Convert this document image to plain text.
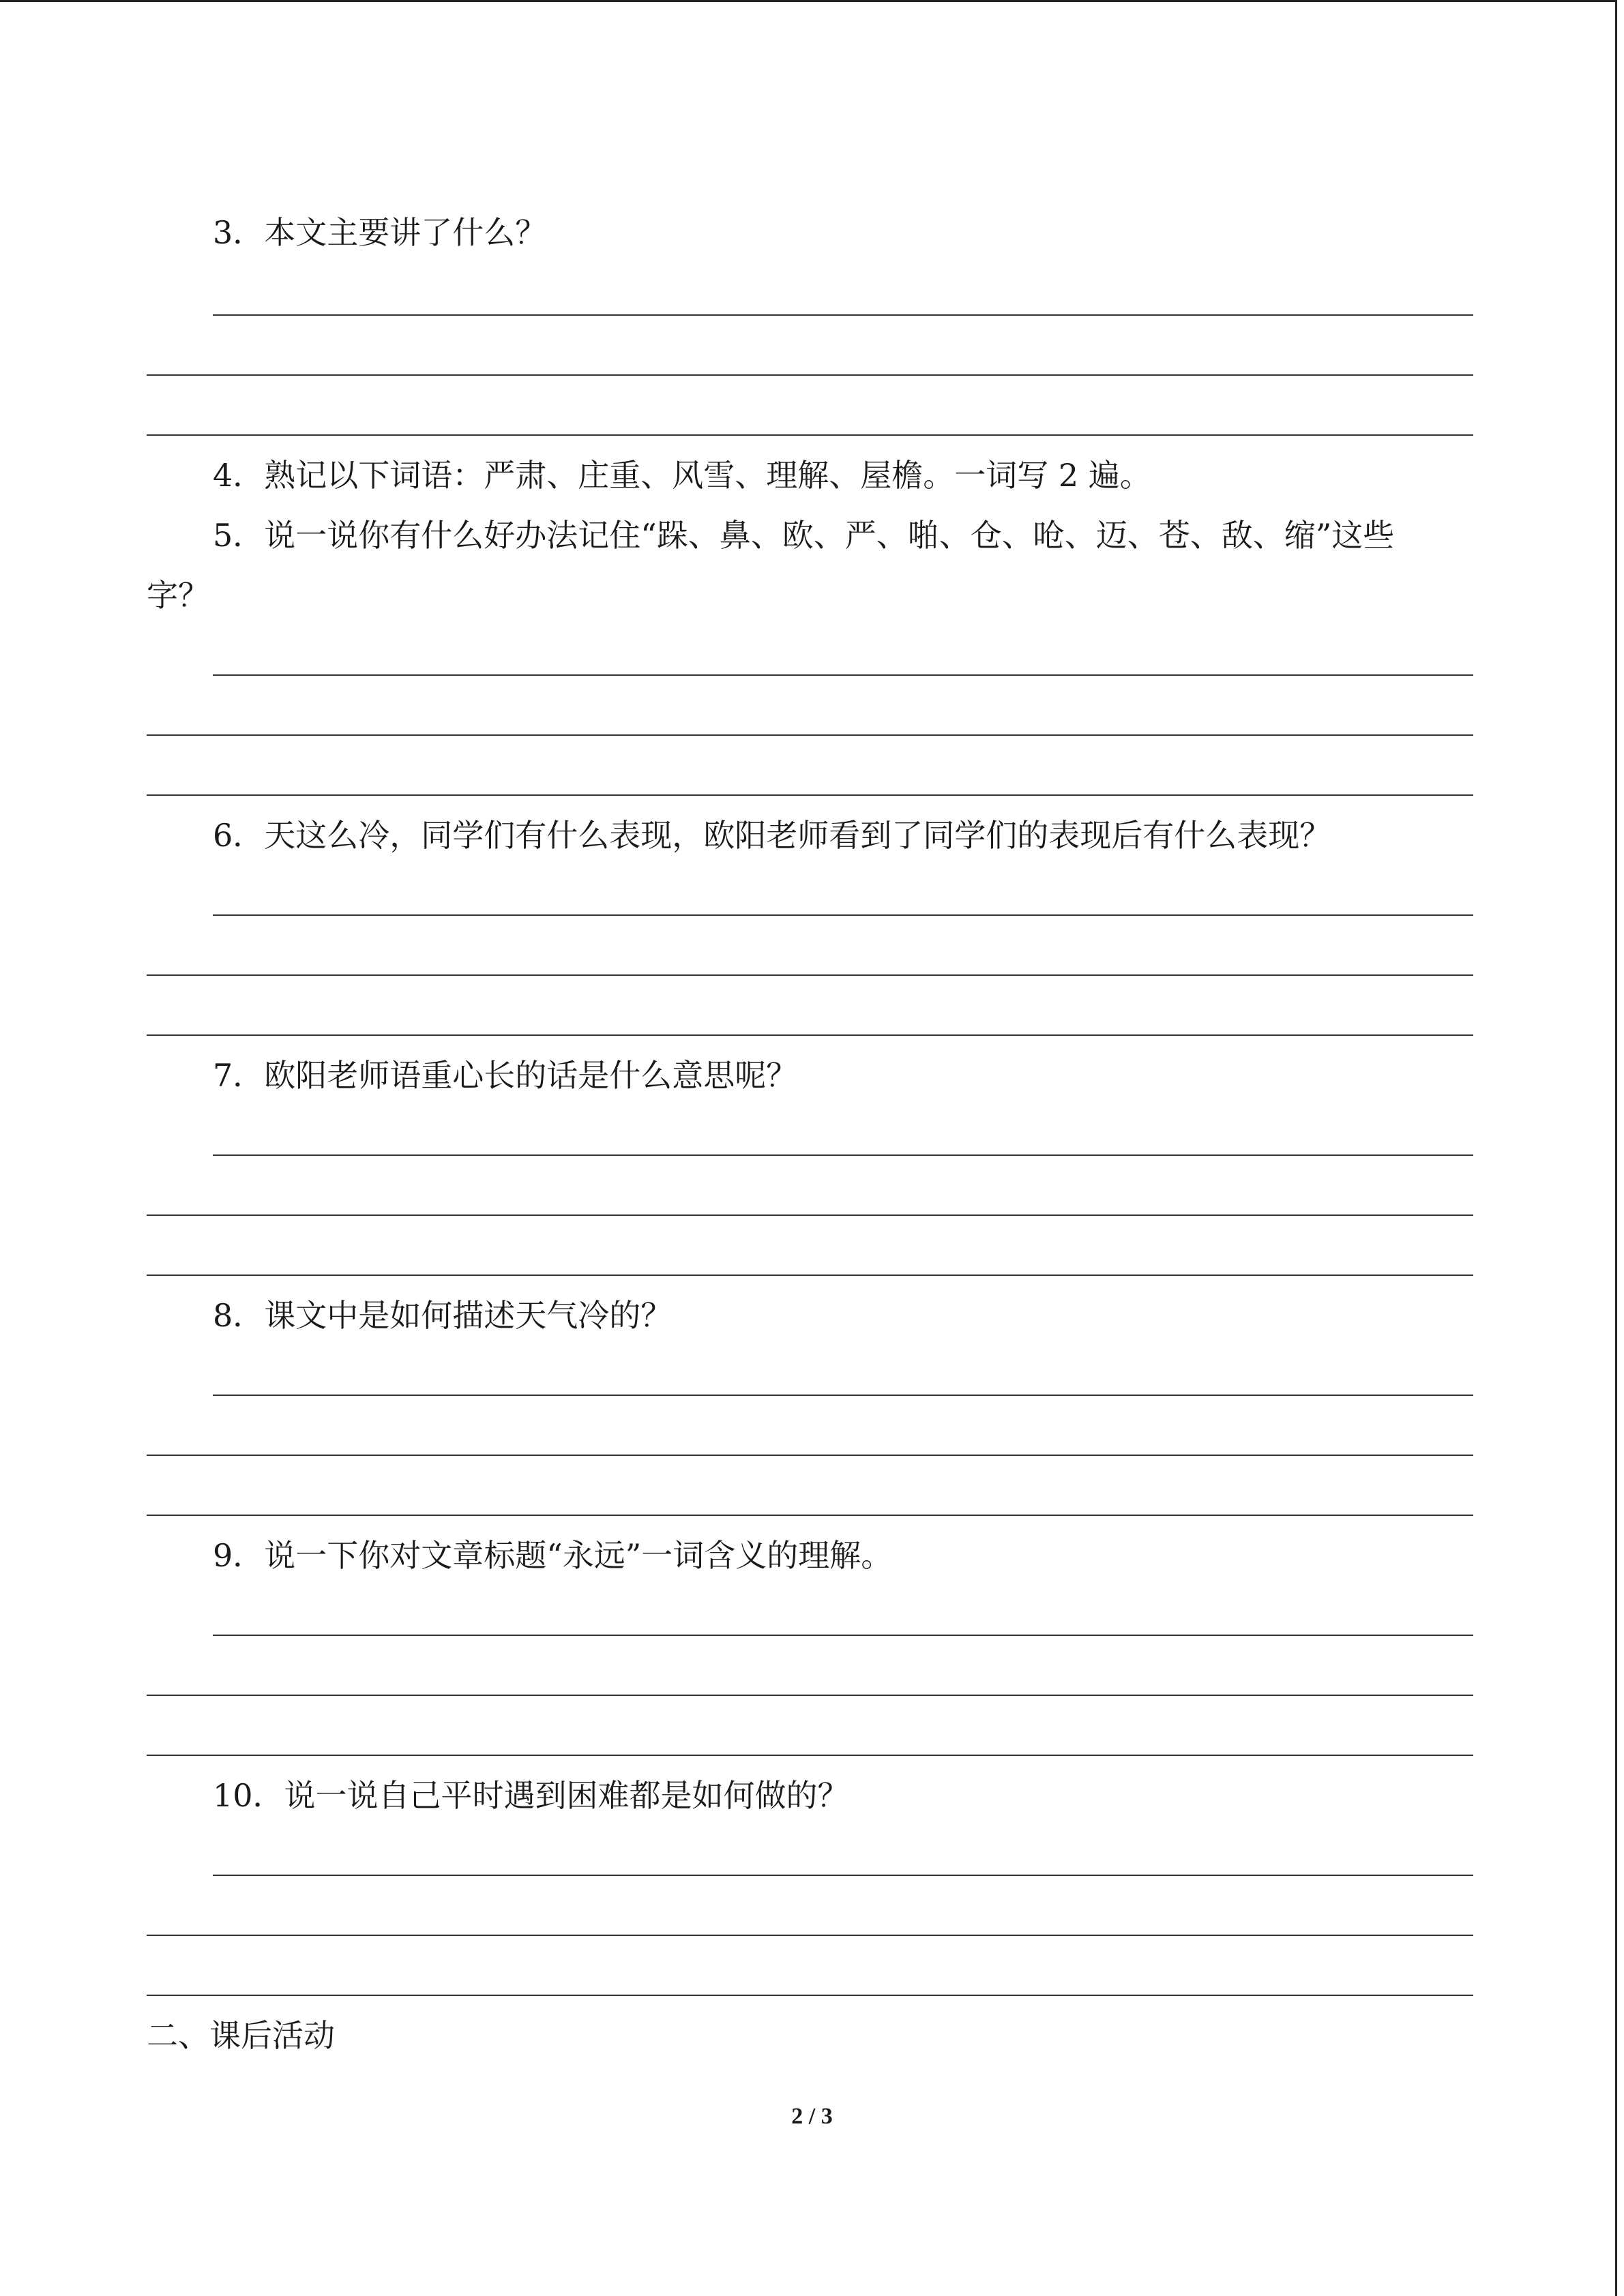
3．本文主要讲了什么？
4．熟记以下词语：严肃、庄重、风雪、理解、屋檐。一词写 2 遍。
5．说一说你有什么好办法记住“跺、鼻、欧、严、啪、仓、呛、迈、苍、敌、缩”这些
字？
6．天这么冷，同学们有什么表现，欧阳老师看到了同学们的表现后有什么表现？
7．欧阳老师语重心长的话是什么意思呢？
8．课文中是如何描述天气冷的？
9．说一下你对文章标题“永远”一词含义的理解。
10．说一说自己平时遇到困难都是如何做的？
二、课后活动
2 / 3
